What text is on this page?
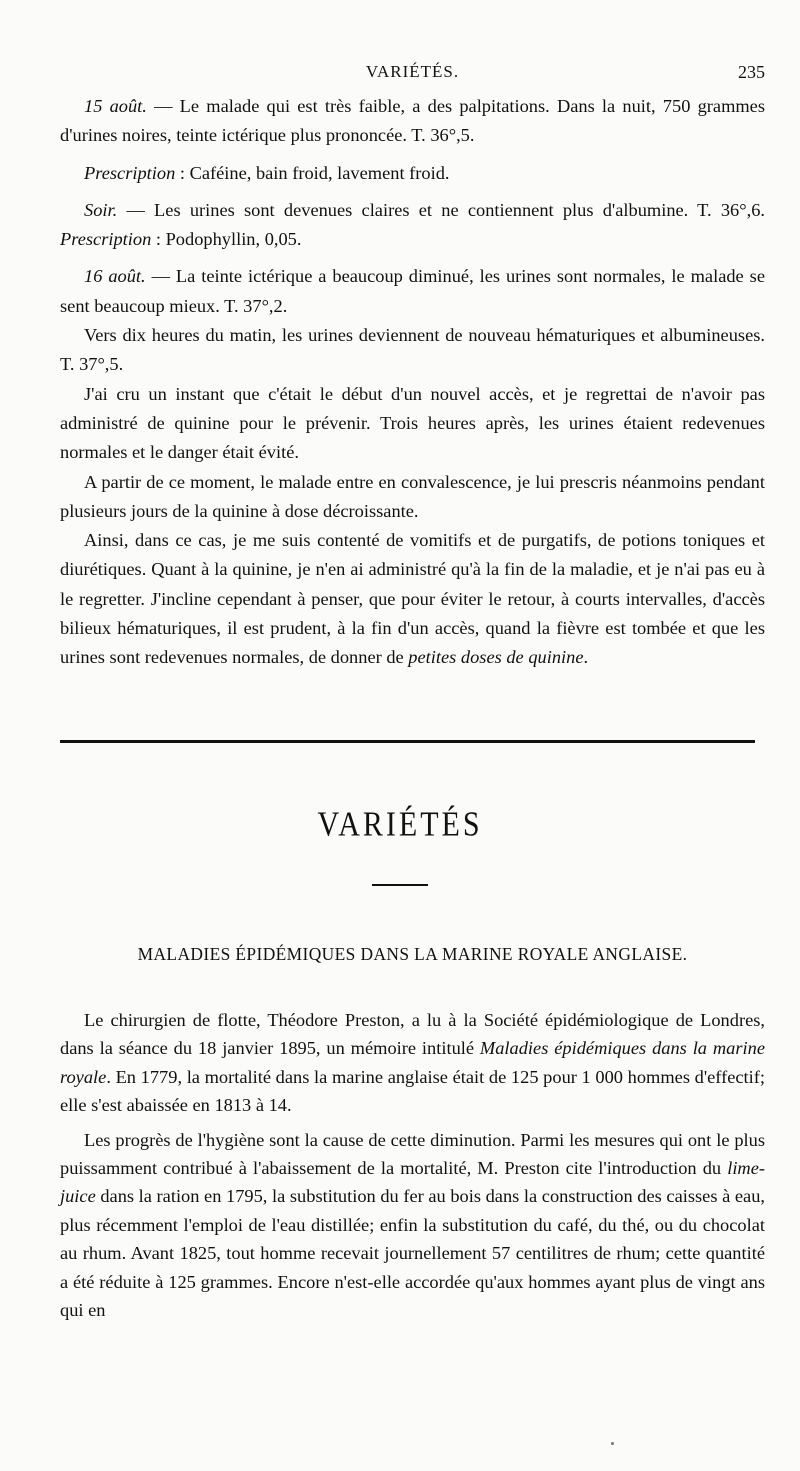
VARIÉTÉS.	235

15 août. — Le malade qui est très faible, a des palpitations. Dans la nuit, 750 grammes d'urines noires, teinte ictérique plus prononcée. T. 36°,5.

Prescription : Caféine, bain froid, lavement froid.

Soir. — Les urines sont devenues claires et ne contiennent plus d'albumine. T. 36°,6. Prescription : Podophyllin, 0,05.

16 août. — La teinte ictérique a beaucoup diminué, les urines sont normales, le malade se sent beaucoup mieux. T. 37°,2.

Vers dix heures du matin, les urines deviennent de nouveau hématuriques et albumineuses. T. 37°,5.

J'ai cru un instant que c'était le début d'un nouvel accès, et je regrettai de n'avoir pas administré de quinine pour le prévenir. Trois heures après, les urines étaient redevenues normales et le danger était évité.

A partir de ce moment, le malade entre en convalescence, je lui prescris néanmoins pendant plusieurs jours de la quinine à dose décroissante.

Ainsi, dans ce cas, je me suis contenté de vomitifs et de purgatifs, de potions toniques et diurétiques. Quant à la quinine, je n'en ai administré qu'à la fin de la maladie, et je n'ai pas eu à le regretter. J'incline cependant à penser, que pour éviter le retour, à courts intervalles, d'accès bilieux hématuriques, il est prudent, à la fin d'un accès, quand la fièvre est tombée et que les urines sont redevenues normales, de donner de petites doses de quinine.

VARIÉTÉS
MALADIES ÉPIDÉMIQUES DANS LA MARINE ROYALE ANGLAISE.

Le chirurgien de flotte, Théodore Preston, a lu à la Société épidémiologique de Londres, dans la séance du 18 janvier 1895, un mémoire intitulé Maladies épidémiques dans la marine royale. En 1779, la mortalité dans la marine anglaise était de 125 pour 1 000 hommes d'effectif; elle s'est abaissée en 1813 à 14.

Les progrès de l'hygiène sont la cause de cette diminution. Parmi les mesures qui ont le plus puissamment contribué à l'abaissement de la mortalité, M. Preston cite l'introduction du lime-juice dans la ration en 1795, la substitution du fer au bois dans la construction des caisses à eau, plus récemment l'emploi de l'eau distillée; enfin la substitution du café, du thé, ou du chocolat au rhum. Avant 1825, tout homme recevait journellement 57 centilitres de rhum; cette quantité a été réduite à 125 grammes. Encore n'est-elle accordée qu'aux hommes ayant plus de vingt ans qui en
